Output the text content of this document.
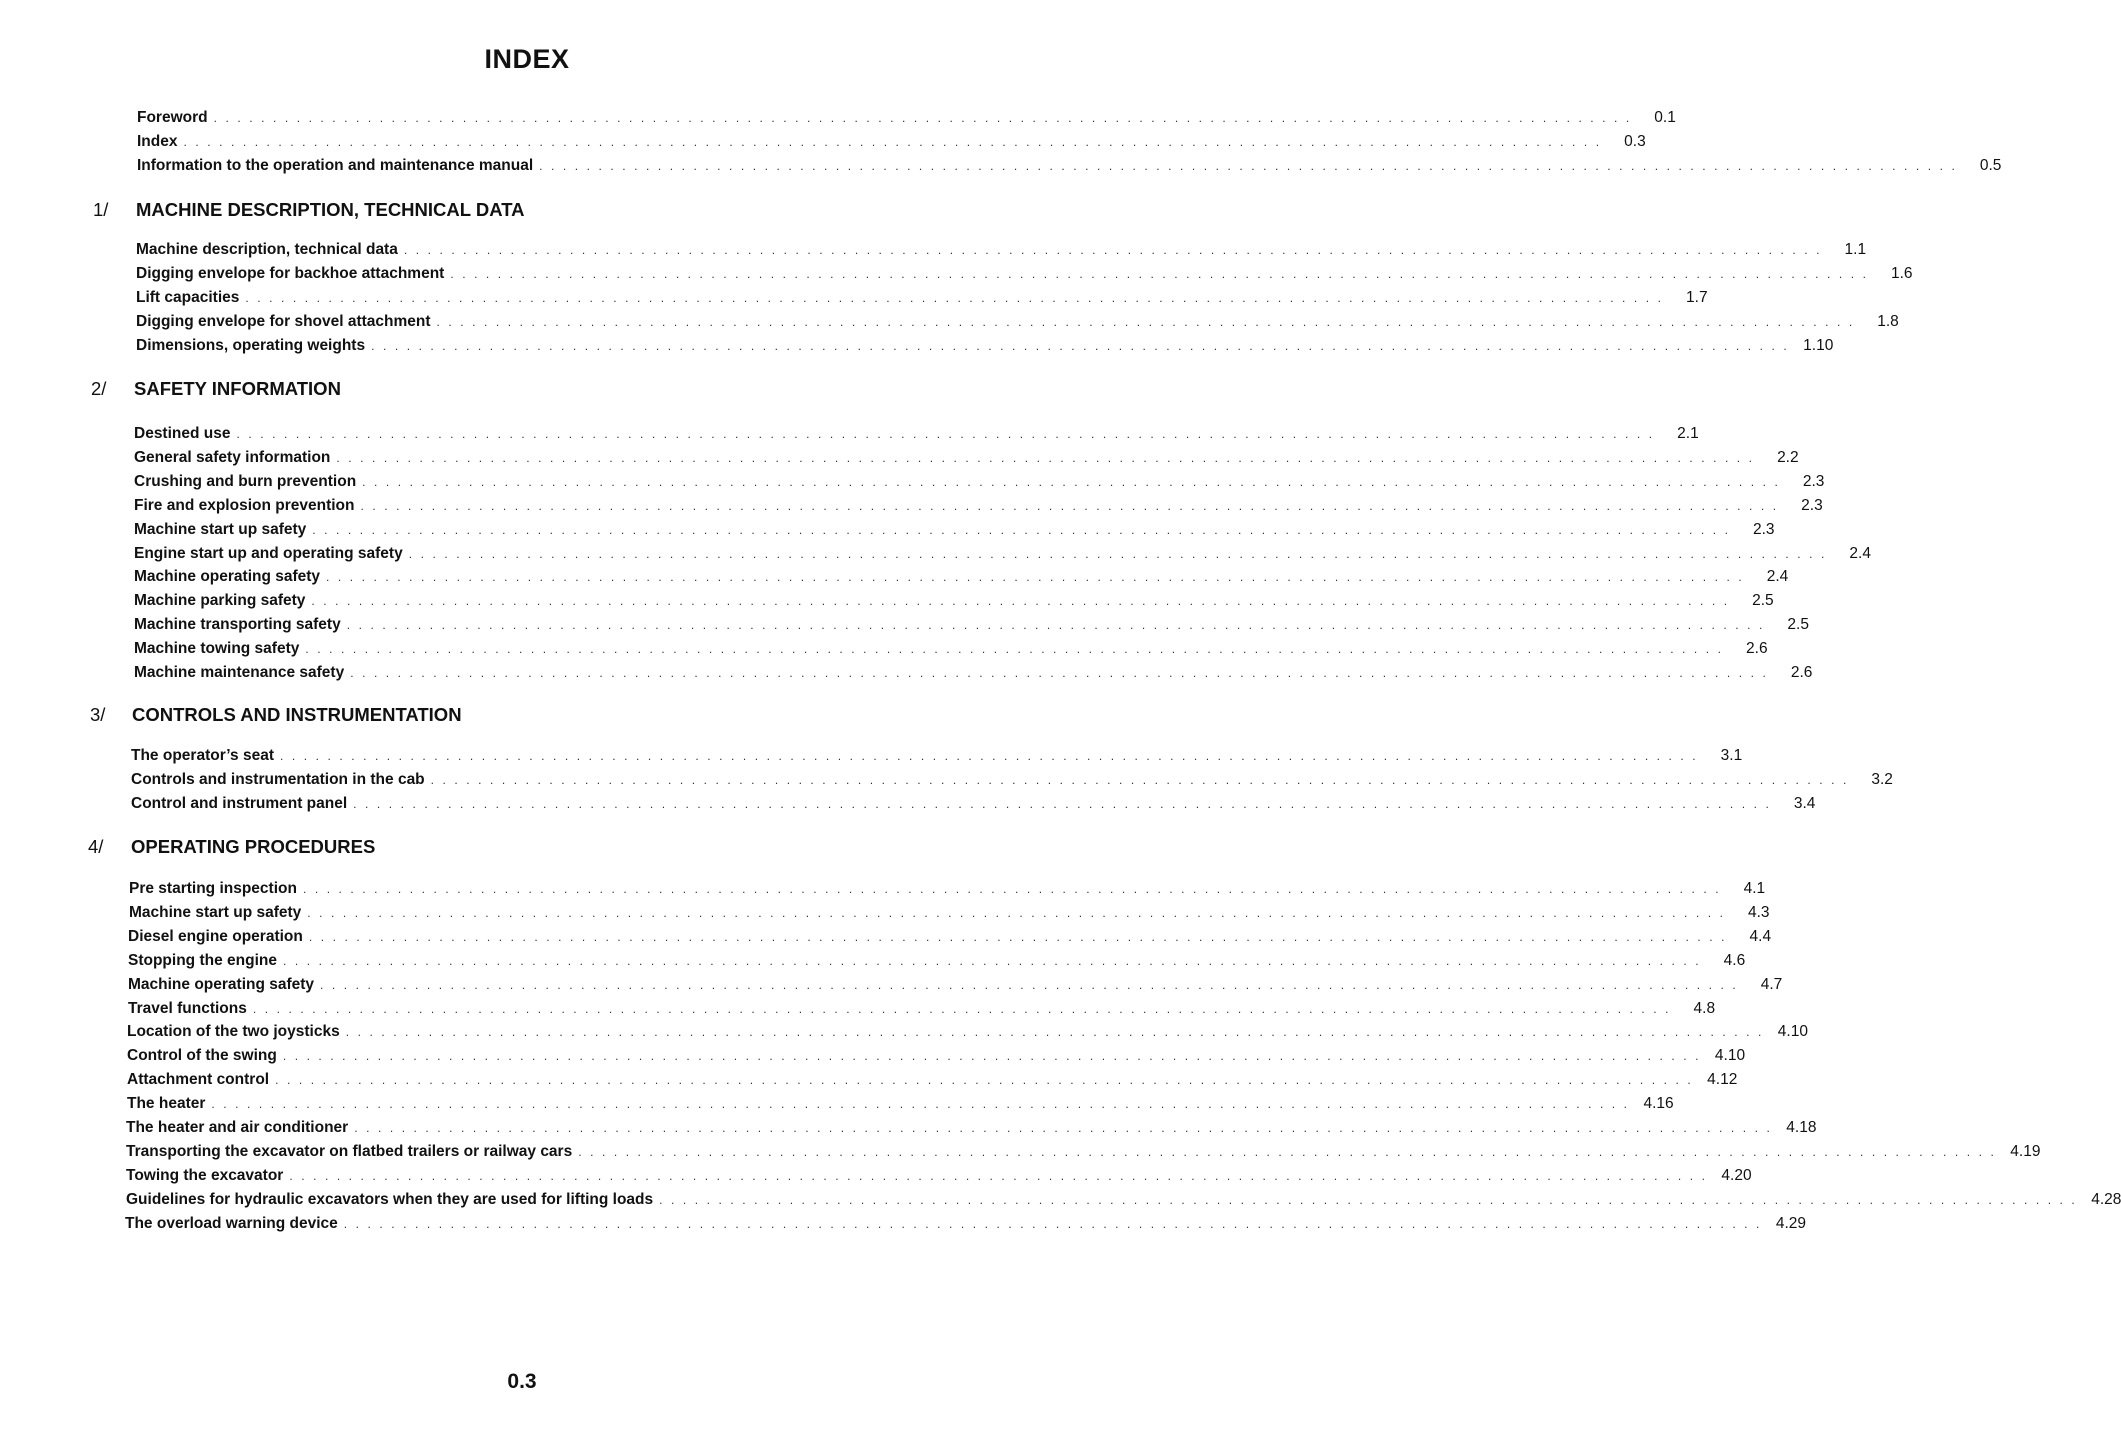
INDEX
Foreword . . . . . . . . . . . . . . . . . . . . . . . . . . . . . . . . . . . . . . . . . . . . . . . . . . . . . . . . . . . . . . . . . . . . . . . . . . . . . . . . . . . . . . . . . . . . . . . . . . . . . . . . . . . . . . . . . . . . . . . .	0.1
Index . . . . . . . . . . . . . . . . . . . . . . . . . . . . . . . . . . . . . . . . . . . . . . . . . . . . . . . . . . . . . . . . . . . . . . . . . . . . . . . . . . . . . . . . . . . . . . . . . . . . . . . . . . . . . . . . . . . . . . . .	0.3
Information to the operation and maintenance manual . . . . . . . . . . . . . . . . . . . . . . . . . . . . . . . . . . . . . . . . . . . . . . . . . . . . . . . . . . . . . . . . . . . . . . . . . . . . . . . . . . . . . . . . . . . . . . . . . . . . . . . . . . . . . . . . . . . . . . . .	0.5
1/ MACHINE DESCRIPTION, TECHNICAL DATA
Machine description, technical data . . . . . . . . . . . . . . . . . . . . . . . . . . . . . . . . . . . . . . . . . . . . . . . . . . . . . . . . . . . . . . . . . . . . . . . . . . . . . . . . . . . . . . . . . . . . . . . . . . . . . . . . . . . . . . . . . . . . . . . .	1.1
Digging envelope for backhoe attachment . . . . . . . . . . . . . . . . . . . . . . . . . . . . . . . . . . . . . . . . . . . . . . . . . . . . . . . . . . . . . . . . . . . . . . . . . . . . . . . . . . . . . . . . . . . . . . . . . . . . . . . . . . . . . . . . . . . . . . . .	1.6
Lift capacities . . . . . . . . . . . . . . . . . . . . . . . . . . . . . . . . . . . . . . . . . . . . . . . . . . . . . . . . . . . . . . . . . . . . . . . . . . . . . . . . . . . . . . . . . . . . . . . . . . . . . . . . . . . . . . . . . . . . . . . .	1.7
Digging envelope for shovel attachment . . . . . . . . . . . . . . . . . . . . . . . . . . . . . . . . . . . . . . . . . . . . . . . . . . . . . . . . . . . . . . . . . . . . . . . . . . . . . . . . . . . . . . . . . . . . . . . . . . . . . . . . . . . . . . . . . . . . . . . .	1.8
Dimensions, operating weights . . . . . . . . . . . . . . . . . . . . . . . . . . . . . . . . . . . . . . . . . . . . . . . . . . . . . . . . . . . . . . . . . . . . . . . . . . . . . . . . . . . . . . . . . . . . . . . . . . . . . . . . . . . . . . . . . . . . . . . . 1.10
2/ SAFETY INFORMATION
Destined use . . . . . . . . . . . . . . . . . . . . . . . . . . . . . . . . . . . . . . . . . . . . . . . . . . . . . . . . . . . . . . . . . . . . . . . . . . . . . . . . . . . . . . . . . . . . . . . . . . . . . . . . . . . . . . . . . . . . . . . .	2.1
General safety information . . . . . . . . . . . . . . . . . . . . . . . . . . . . . . . . . . . . . . . . . . . . . . . . . . . . . . . . . . . . . . . . . . . . . . . . . . . . . . . . . . . . . . . . . . . . . . . . . . . . . . . . . . . . . . . . . . . . . . . .	2.2
Crushing and burn prevention . . . . . . . . . . . . . . . . . . . . . . . . . . . . . . . . . . . . . . . . . . . . . . . . . . . . . . . . . . . . . . . . . . . . . . . . . . . . . . . . . . . . . . . . . . . . . . . . . . . . . . . . . . . . . . . . . . . . . . . .	2.3
Fire and explosion prevention . . . . . . . . . . . . . . . . . . . . . . . . . . . . . . . . . . . . . . . . . . . . . . . . . . . . . . . . . . . . . . . . . . . . . . . . . . . . . . . . . . . . . . . . . . . . . . . . . . . . . . . . . . . . . . . . . . . . . . . .	2.3
Machine start up safety . . . . . . . . . . . . . . . . . . . . . . . . . . . . . . . . . . . . . . . . . . . . . . . . . . . . . . . . . . . . . . . . . . . . . . . . . . . . . . . . . . . . . . . . . . . . . . . . . . . . . . . . . . . . . . . . . . . . . . . .	2.3
Engine start up and operating safety . . . . . . . . . . . . . . . . . . . . . . . . . . . . . . . . . . . . . . . . . . . . . . . . . . . . . . . . . . . . . . . . . . . . . . . . . . . . . . . . . . . . . . . . . . . . . . . . . . . . . . . . . . . . . . . . . . . . . . . .	2.4
Machine operating safety . . . . . . . . . . . . . . . . . . . . . . . . . . . . . . . . . . . . . . . . . . . . . . . . . . . . . . . . . . . . . . . . . . . . . . . . . . . . . . . . . . . . . . . . . . . . . . . . . . . . . . . . . . . . . . . . . . . . . . . .	2.4
Machine parking safety . . . . . . . . . . . . . . . . . . . . . . . . . . . . . . . . . . . . . . . . . . . . . . . . . . . . . . . . . . . . . . . . . . . . . . . . . . . . . . . . . . . . . . . . . . . . . . . . . . . . . . . . . . . . . . . . . . . . . . . .	2.5
Machine transporting safety . . . . . . . . . . . . . . . . . . . . . . . . . . . . . . . . . . . . . . . . . . . . . . . . . . . . . . . . . . . . . . . . . . . . . . . . . . . . . . . . . . . . . . . . . . . . . . . . . . . . . . . . . . . . . . . . . . . . . . . .	2.5
Machine towing safety . . . . . . . . . . . . . . . . . . . . . . . . . . . . . . . . . . . . . . . . . . . . . . . . . . . . . . . . . . . . . . . . . . . . . . . . . . . . . . . . . . . . . . . . . . . . . . . . . . . . . . . . . . . . . . . . . . . . . . . .	2.6
Machine maintenance safety . . . . . . . . . . . . . . . . . . . . . . . . . . . . . . . . . . . . . . . . . . . . . . . . . . . . . . . . . . . . . . . . . . . . . . . . . . . . . . . . . . . . . . . . . . . . . . . . . . . . . . . . . . . . . . . . . . . . . . . .	2.6
3/ CONTROLS AND INSTRUMENTATION
The operator’s seat . . . . . . . . . . . . . . . . . . . . . . . . . . . . . . . . . . . . . . . . . . . . . . . . . . . . . . . . . . . . . . . . . . . . . . . . . . . . . . . . . . . . . . . . . . . . . . . . . . . . . . . . . . . . . . . . . . . . . . . .	3.1
Controls and instrumentation in the cab . . . . . . . . . . . . . . . . . . . . . . . . . . . . . . . . . . . . . . . . . . . . . . . . . . . . . . . . . . . . . . . . . . . . . . . . . . . . . . . . . . . . . . . . . . . . . . . . . . . . . . . . . . . . . . . . . . . . . . . .	3.2
Control and instrument panel . . . . . . . . . . . . . . . . . . . . . . . . . . . . . . . . . . . . . . . . . . . . . . . . . . . . . . . . . . . . . . . . . . . . . . . . . . . . . . . . . . . . . . . . . . . . . . . . . . . . . . . . . . . . . . . . . . . . . . . .	3.4
4/ OPERATING PROCEDURES
Pre starting inspection . . . . . . . . . . . . . . . . . . . . . . . . . . . . . . . . . . . . . . . . . . . . . . . . . . . . . . . . . . . . . . . . . . . . . . . . . . . . . . . . . . . . . . . . . . . . . . . . . . . . . . . . . . . . . . . . . . . . . . . .	4.1
Machine start up safety . . . . . . . . . . . . . . . . . . . . . . . . . . . . . . . . . . . . . . . . . . . . . . . . . . . . . . . . . . . . . . . . . . . . . . . . . . . . . . . . . . . . . . . . . . . . . . . . . . . . . . . . . . . . . . . . . . . . . . . .	4.3
Diesel engine operation . . . . . . . . . . . . . . . . . . . . . . . . . . . . . . . . . . . . . . . . . . . . . . . . . . . . . . . . . . . . . . . . . . . . . . . . . . . . . . . . . . . . . . . . . . . . . . . . . . . . . . . . . . . . . . . . . . . . . . . .	4.4
Stopping the engine . . . . . . . . . . . . . . . . . . . . . . . . . . . . . . . . . . . . . . . . . . . . . . . . . . . . . . . . . . . . . . . . . . . . . . . . . . . . . . . . . . . . . . . . . . . . . . . . . . . . . . . . . . . . . . . . . . . . . . . .	4.6
Machine operating safety . . . . . . . . . . . . . . . . . . . . . . . . . . . . . . . . . . . . . . . . . . . . . . . . . . . . . . . . . . . . . . . . . . . . . . . . . . . . . . . . . . . . . . . . . . . . . . . . . . . . . . . . . . . . . . . . . . . . . . . .	4.7
Travel functions . . . . . . . . . . . . . . . . . . . . . . . . . . . . . . . . . . . . . . . . . . . . . . . . . . . . . . . . . . . . . . . . . . . . . . . . . . . . . . . . . . . . . . . . . . . . . . . . . . . . . . . . . . . . . . . . . . . . . . . .	4.8
Location of the two joysticks . . . . . . . . . . . . . . . . . . . . . . . . . . . . . . . . . . . . . . . . . . . . . . . . . . . . . . . . . . . . . . . . . . . . . . . . . . . . . . . . . . . . . . . . . . . . . . . . . . . . . . . . . . . . . . . . . . . . . . . . 4.10
Control of the swing . . . . . . . . . . . . . . . . . . . . . . . . . . . . . . . . . . . . . . . . . . . . . . . . . . . . . . . . . . . . . . . . . . . . . . . . . . . . . . . . . . . . . . . . . . . . . . . . . . . . . . . . . . . . . . . . . . . . . . . . 4.10
Attachment control . . . . . . . . . . . . . . . . . . . . . . . . . . . . . . . . . . . . . . . . . . . . . . . . . . . . . . . . . . . . . . . . . . . . . . . . . . . . . . . . . . . . . . . . . . . . . . . . . . . . . . . . . . . . . . . . . . . . . . . . 4.12
The heater . . . . . . . . . . . . . . . . . . . . . . . . . . . . . . . . . . . . . . . . . . . . . . . . . . . . . . . . . . . . . . . . . . . . . . . . . . . . . . . . . . . . . . . . . . . . . . . . . . . . . . . . . . . . . . . . . . . . . . . . 4.16
The heater and air conditioner . . . . . . . . . . . . . . . . . . . . . . . . . . . . . . . . . . . . . . . . . . . . . . . . . . . . . . . . . . . . . . . . . . . . . . . . . . . . . . . . . . . . . . . . . . . . . . . . . . . . . . . . . . . . . . . . . . . . . . . . 4.18
Transporting the excavator on flatbed trailers or railway cars . . . . . . . . . . . . . . . . . . . . . . . . . . . . . . . . . . . . . . . . . . . . . . . . . . . . . . . . . . . . . . . . . . . . . . . . . . . . . . . . . . . . . . . . . . . . . . . . . . . . . . . . . . . . . . . . . . . . . . . . 4.19
Towing the excavator . . . . . . . . . . . . . . . . . . . . . . . . . . . . . . . . . . . . . . . . . . . . . . . . . . . . . . . . . . . . . . . . . . . . . . . . . . . . . . . . . . . . . . . . . . . . . . . . . . . . . . . . . . . . . . . . . . . . . . . . 4.20
Guidelines for hydraulic excavators when they are used for lifting loads . . . . . . . . . . . . . . . . . . . . . . . . . . . . . . . . . . . . . . . . . . . . . . . . . . . . . . . . . . . . . . . . . . . . . . . . . . . . . . . . . . . . . . . . . . . . . . . . . . . . . . . . . . . . . . . . . . . . . . . . 4.28
The overload warning device . . . . . . . . . . . . . . . . . . . . . . . . . . . . . . . . . . . . . . . . . . . . . . . . . . . . . . . . . . . . . . . . . . . . . . . . . . . . . . . . . . . . . . . . . . . . . . . . . . . . . . . . . . . . . . . . . . . . . . . . 4.29
0.3
